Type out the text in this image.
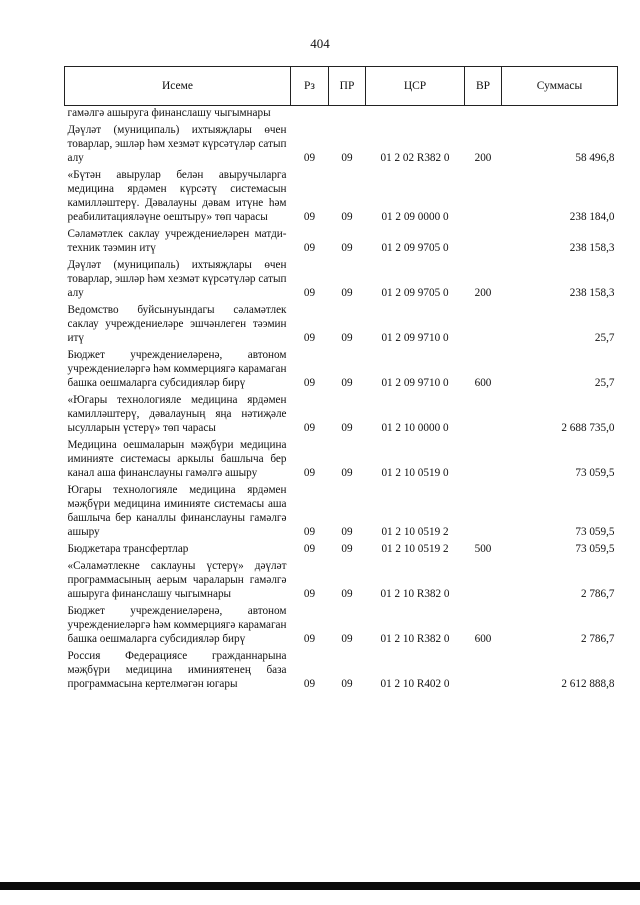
404
Исеме	Рз	ПР	ЦСР	ВР	Суммасы
гамәлгә ашыруга финанслашу чыгымнары					
Дәүләт (муниципаль) ихтыяҗлары өчен товарлар, эшләр һәм хезмәт күрсәтүләр сатып алу	09	09	01 2 02 R382 0	200	58 496,8
«Бүтән авырулар белән авыручыларга медицина ярдәмен күрсәтү системасын камилләштерү. Дәвалауны дәвам итүне һәм реабилитацияләүне оештыру» төп чарасы	09	09	01 2 09 0000 0		238 184,0
Сәламәтлек саклау учреждениеләрен матди-техник тәэмин итү	09	09	01 2 09 9705 0		238 158,3
Дәүләт (муниципаль) ихтыяҗлары өчен товарлар, эшләр һәм хезмәт күрсәтүләр сатып алу	09	09	01 2 09 9705 0	200	238 158,3
Ведомство буйсынуындагы сәламәтлек саклау учреждениеләре эшчәнлеген тәэмин итү	09	09	01 2 09 9710 0		25,7
Бюджет учреждениеләренә, автоном учреждениеләргә һәм коммерциягә карамаган башка оешмаларга субсидияләр бирү	09	09	01 2 09 9710 0	600	25,7
«Югары технологияле медицина ярдәмен камилләштерү, дәвалауның яңа нәтиҗәле ысулларын үстерү» төп чарасы	09	09	01 2 10 0000 0		2 688 735,0
Медицина оешмаларын мәҗбүри медицина иминияте системасы аркылы башлыча бер канал аша финанслауны гамәлгә ашыру	09	09	01 2 10 0519 0		73 059,5
Югары технологияле медицина ярдәмен мәҗбүри медицина иминияте системасы аша башлыча бер каналлы финанслауны гамәлгә ашыру	09	09	01 2 10 0519 2		73 059,5
Бюджетара трансфертлар	09	09	01 2 10 0519 2	500	73 059,5
«Сәламәтлекне саклауны үстерү» дәүләт программасының аерым чараларын гамәлгә ашыруга финанслашу чыгымнары	09	09	01 2 10 R382 0		2 786,7
Бюджет учреждениеләренә, автоном учреждениеләргә һәм коммерциягә карамаган башка оешмаларга субсидияләр бирү	09	09	01 2 10 R382 0	600	2 786,7
Россия Федерациясе гражданнарына мәҗбүри медицина иминиятенең база программасына кертелмәгән югары	09	09	01 2 10 R402 0		2 612 888,8
